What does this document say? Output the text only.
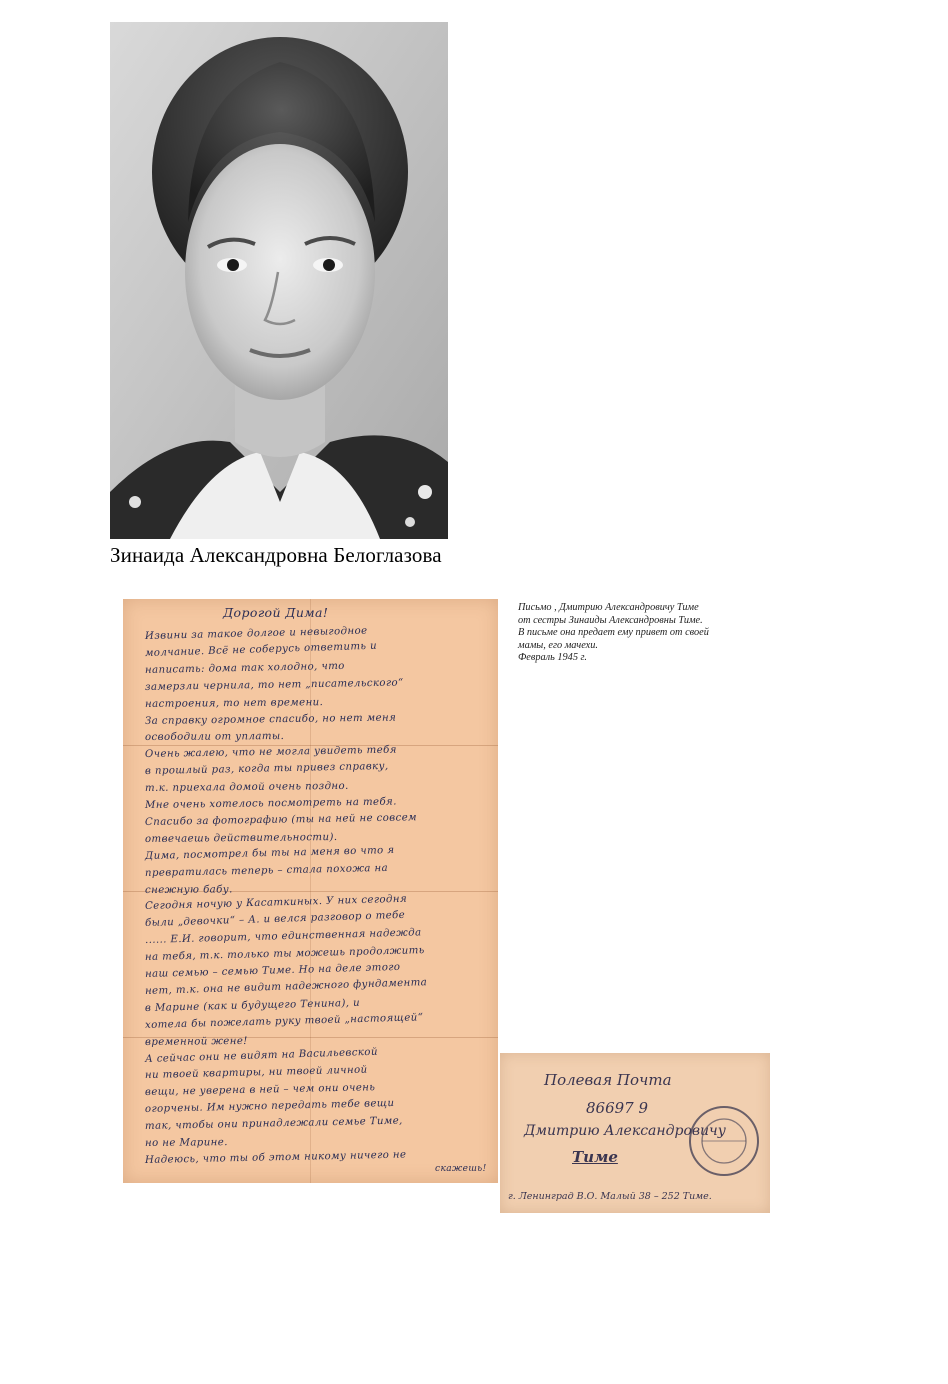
Зинаида Александровна Белоглазова
Дорогой Дима!
Извини за такое долгое и невыгодное
молчание. Всё не соберусь ответить и
написать: дома так холодно, что
замерзли чернила, то нет „писательского“
настроения, то нет времени.
За справку огромное спасибо, но нет меня
освободили от уплаты.
Очень жалею, что не могла увидеть тебя
в прошлый раз, когда ты привез справку,
т.к. приехала домой очень поздно.
Мне очень хотелось посмотреть на тебя.
Спасибо за фотографию (ты на ней не совсем
отвечаешь действительности).
Дима, посмотрел бы ты на меня во что я
превратилась теперь – стала похожа на
снежную бабу.
Сегодня ночую у Касаткиных. У них сегодня
были „девочки“ – А. и велся разговор о тебе
...... Е.И. говорит, что единственная надежда
на тебя, т.к. только ты можешь продолжить
наш семью – семью Тиме. Но на деле этого
нет, т.к. она не видит надежного фундамента
в Марине (как и будущего Тенина), и
хотела бы пожелать руку твоей „настоящей“
временной жене!
А сейчас они не видят на Васильевской
ни твоей квартиры, ни твоей личной
вещи, не уверена в ней – чем они очень
огорчены. Им нужно передать тебе вещи
так, чтобы они принадлежали семье Тиме,
но не Марине.
Надеюсь, что ты об этом никому ничего не
скажешь!
Письмо , Дмитрию Александровичу Тиме
от сестры Зинаиды Александровны Тиме.
В письме она предает ему привет от своей
мамы, его мачехи.
Февраль 1945 г.
Полевая Почта
86697 9
Дмитрию Александровичу
Тиме
г. Ленинград В.О. Малый 38 – 252 Тиме.
